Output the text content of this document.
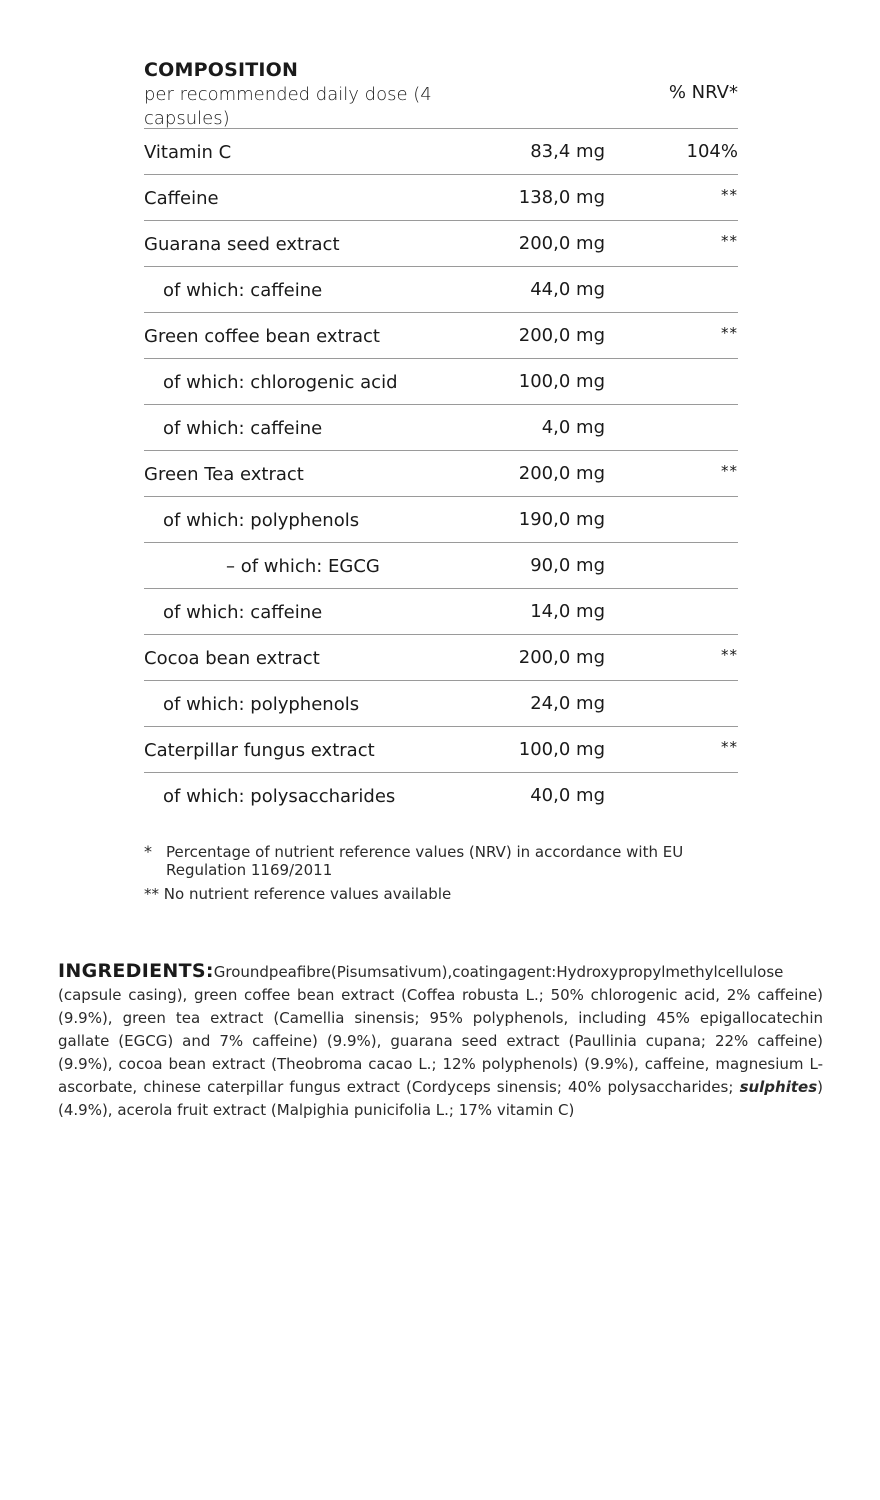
COMPOSITION
per recommended daily dose (4 capsules)
% NRV*
Vitamin C	83,4 mg	104%
Caffeine	138,0 mg	**
Guarana seed extract	200,0 mg	**
of which: caffeine	44,0 mg
Green coffee bean extract	200,0 mg	**
of which: chlorogenic acid	100,0 mg
of which: caffeine	4,0 mg
Green Tea extract	200,0 mg	**
of which: polyphenols	190,0 mg
– of which: EGCG	90,0 mg
of which: caffeine	14,0 mg
Cocoa bean extract	200,0 mg	**
of which: polyphenols	24,0 mg
Caterpillar fungus extract	100,0 mg	**
of which: polysaccharides	40,0 mg
* Percentage of nutrient reference values (NRV) in accordance with EU Regulation 1169/2011
** No nutrient reference values available
INGREDIENTS:Groundpeafibre(Pisumsativum),coatingagent:Hydroxypropylmethylcellulose (capsule casing), green coffee bean extract (Coffea robusta L.; 50% chlorogenic acid, 2% caffeine) (9.9%), green tea extract (Camellia sinensis; 95% polyphenols, including 45% epigallocatechin gallate (EGCG) and 7% caffeine) (9.9%), guarana seed extract (Paullinia cupana; 22% caffeine) (9.9%), cocoa bean extract (Theobroma cacao L.; 12% polyphenols) (9.9%), caffeine, magnesium L-ascorbate, chinese caterpillar fungus extract (Cordyceps sinensis; 40% polysaccharides; sulphites) (4.9%), acerola fruit extract (Malpighia punicifolia L.; 17% vitamin C)
